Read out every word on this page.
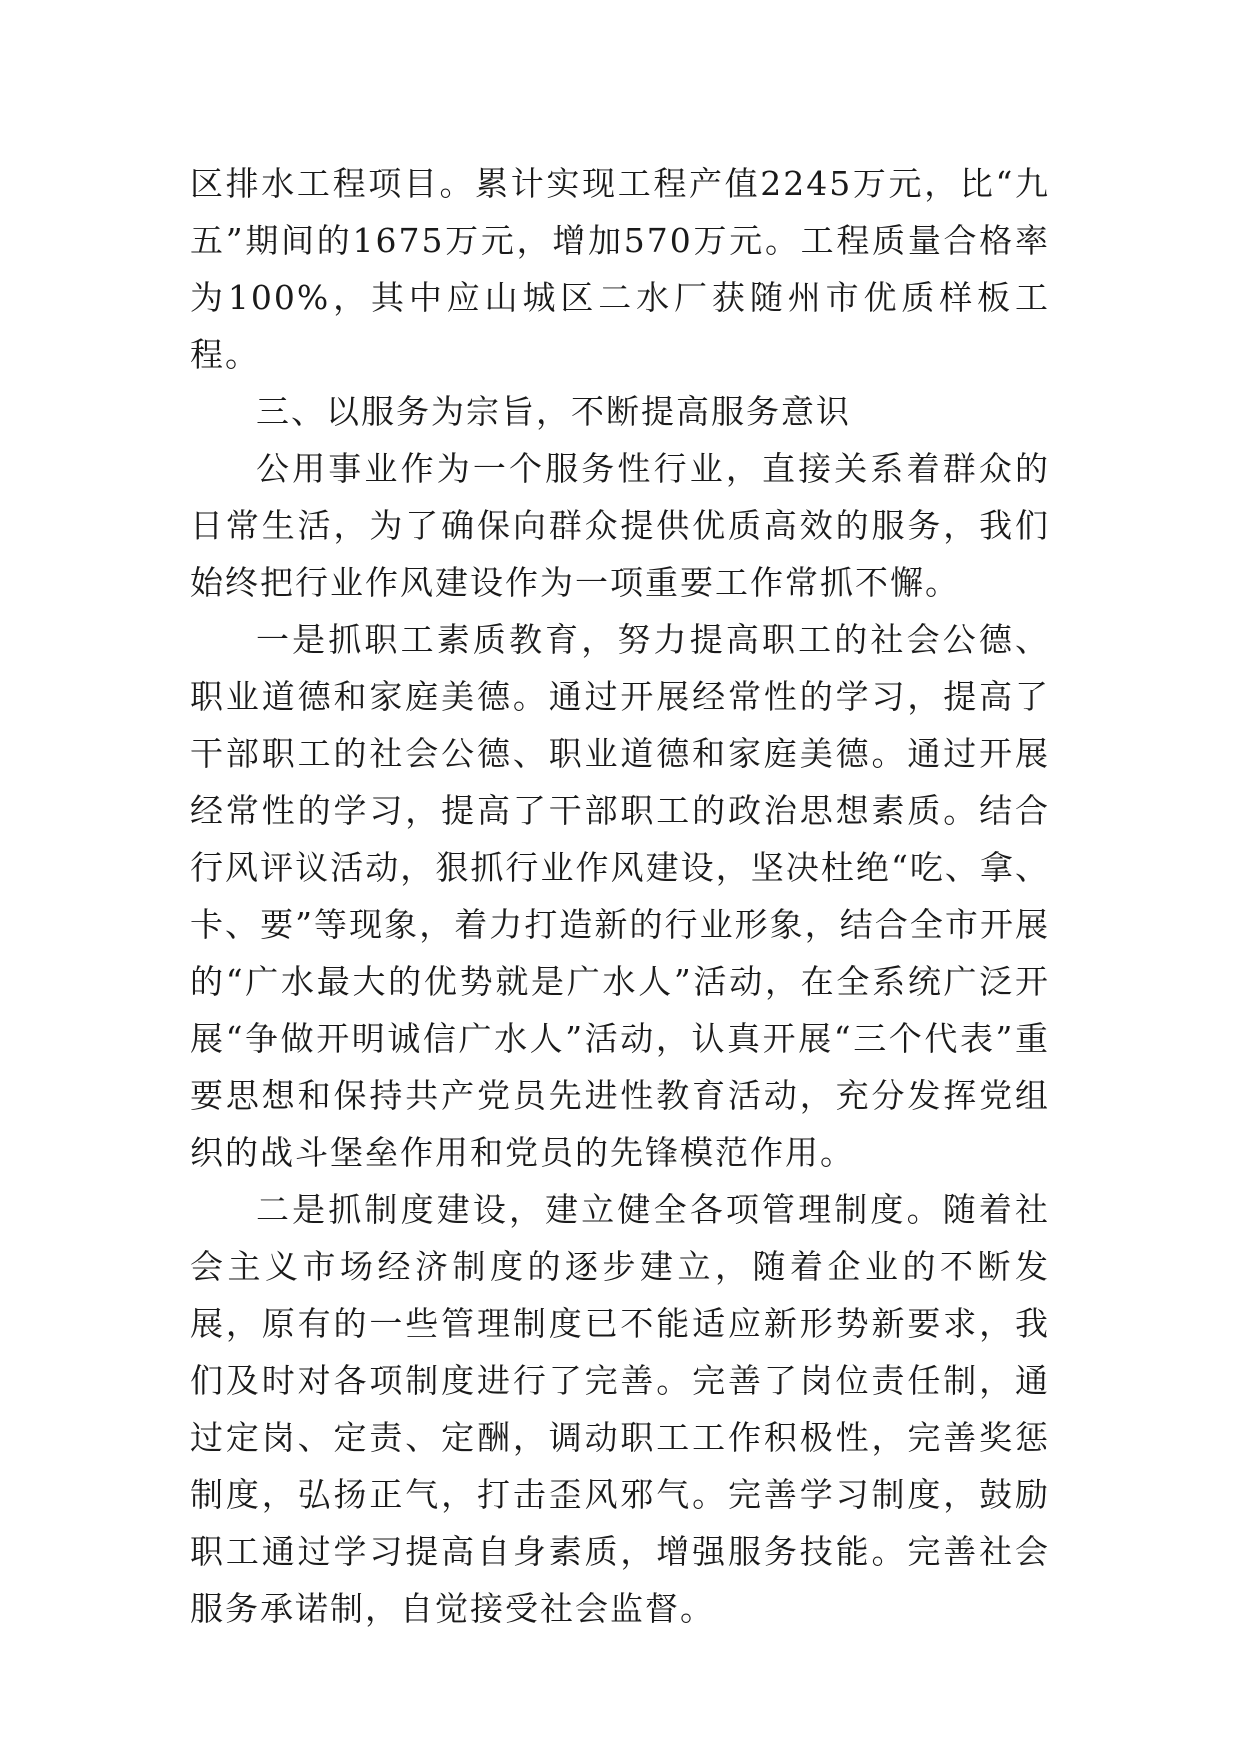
区排水工程项目。累计实现工程产值2245万元，比“九五”期间的1675万元，增加570万元。工程质量合格率为100%，其中应山城区二水厂获随州市优质样板工程。

三、以服务为宗旨，不断提高服务意识

公用事业作为一个服务性行业，直接关系着群众的日常生活，为了确保向群众提供优质高效的服务，我们始终把行业作风建设作为一项重要工作常抓不懈。

一是抓职工素质教育，努力提高职工的社会公德、职业道德和家庭美德。通过开展经常性的学习，提高了干部职工的社会公德、职业道德和家庭美德。通过开展经常性的学习，提高了干部职工的政治思想素质。结合行风评议活动，狠抓行业作风建设，坚决杜绝“吃、拿、卡、要”等现象，着力打造新的行业形象，结合全市开展的“广水最大的优势就是广水人”活动，在全系统广泛开展“争做开明诚信广水人”活动，认真开展“三个代表”重要思想和保持共产党员先进性教育活动，充分发挥党组织的战斗堡垒作用和党员的先锋模范作用。

二是抓制度建设，建立健全各项管理制度。随着社会主义市场经济制度的逐步建立，随着企业的不断发展，原有的一些管理制度已不能适应新形势新要求，我们及时对各项制度进行了完善。完善了岗位责任制，通过定岗、定责、定酬，调动职工工作积极性，完善奖惩制度，弘扬正气，打击歪风邪气。完善学习制度，鼓励职工通过学习提高自身素质，增强服务技能。完善社会服务承诺制，自觉接受社会监督。
